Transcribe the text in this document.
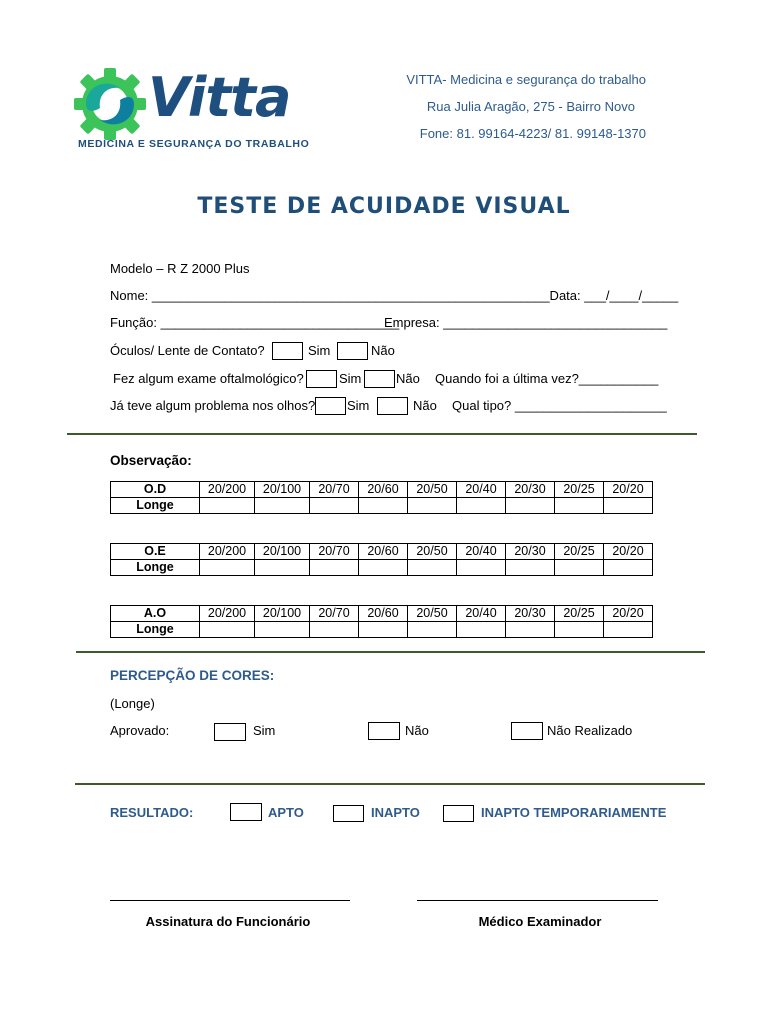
Vitta
MEDICINA E SEGURANÇA DO TRABALHO
VITTA- Medicina e segurança do trabalho
Rua Julia Aragão, 275 - Bairro Novo
Fone: 81. 99164-4223/ 81. 99148-1370
TESTE DE ACUIDADE VISUAL
Modelo – R Z 2000 Plus
Nome: _______________________________________________________Data: ___/____/_____
Função: _________________________________
Empresa: _______________________________
Óculos/ Lente de Contato?	Sim	Não
Fez algum exame oftalmológico?	Sim	Não Quando foi a última vez?___________
Já teve algum problema nos olhos? Sim	Não Qual tipo? _____________________
Observação:
O.D	20/200	20/100	20/70	20/60	20/50	20/40	20/30	20/25	20/20
Longe									
O.E	20/200	20/100	20/70	20/60	20/50	20/40	20/30	20/25	20/20
Longe									
A.O	20/200	20/100	20/70	20/60	20/50	20/40	20/30	20/25	20/20
Longe									
PERCEPÇÃO DE CORES:
(Longe)
Aprovado:	Sim	Não	Não Realizado
RESULTADO:	APTO	INAPTO	INAPTO TEMPORARIAMENTE
Assinatura do Funcionário	Médico Examinador
